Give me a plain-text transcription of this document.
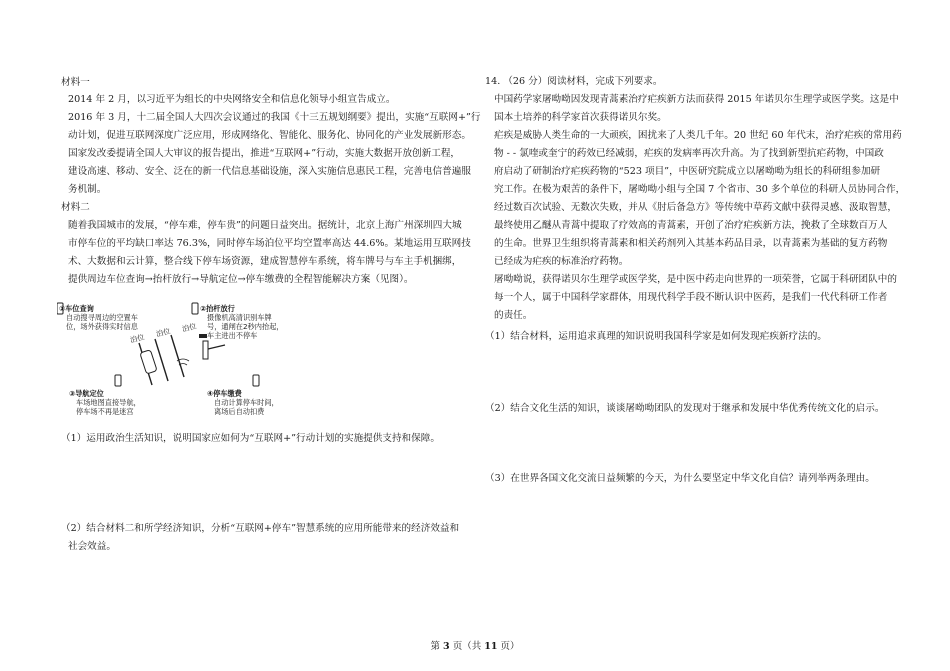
材料一
2014 年 2 月，以习近平为组长的中央网络安全和信息化领导小组宣告成立。
2016 年 3 月，十二届全国人大四次会议通过的我国《十三五规划纲要》提出，实施“互联网+”行
动计划，促进互联网深度广泛应用，形成网络化、智能化、服务化、协同化的产业发展新形态。
国家发改委提请全国人大审议的报告提出，推进“互联网+”行动，实施大数据开放创新工程，
建设高速、移动、安全、泛在的新一代信息基础设施，深入实施信息惠民工程，完善电信普遍服
务机制。
材料二
随着我国城市的发展，“停车难，停车贵”的问题日益突出。据统计，北京上海广州深圳四大城
市停车位的平均缺口率达 76.3%，同时停车场泊位平均空置率高达 44.6%。某地运用互联网技
术、大数据和云计算，整合线下停车场资源，建成智慧停车系统，将车牌号与车主手机捆绑，
提供周边车位查询→抬杆放行→导航定位→停车缴费的全程智能解决方案（见图）。
①车位查询
自动搜寻周边的空置车
位，场外获得实时信息
②抬杆放行
摄像机高清识别车牌
号，通闸在2秒内抬起，
车主进出不停车
泊位 泊位 泊位
③导航定位
车场地图直接导航，
停车场不再是迷宫
④停车缴费
自动计算停车时间，
离场后自动扣费
（1）运用政治生活知识，说明国家应如何为“互联网+”行动计划的实施提供支持和保障。
（2）结合材料二和所学经济知识，分析“互联网+停车”智慧系统的应用所能带来的经济效益和
社会效益。
14. （26 分）阅读材料，完成下列要求。
中国药学家屠呦呦因发现青蒿素治疗疟疾新方法而获得 2015 年诺贝尔生理学或医学奖。这是中
国本土培养的科学家首次获得诺贝尔奖。
疟疾是威胁人类生命的一大顽疾，困扰来了人类几千年。20 世纪 60 年代末，治疗疟疾的常用药
物 - - 氯喹或奎宁的药效已经减弱，疟疾的发病率再次升高。为了找到新型抗疟药物，中国政
府启动了研制治疗疟疾药物的“523 项目”，中医研究院成立以屠呦呦为组长的科研组参加研
究工作。在极为艰苦的条件下，屠呦呦小组与全国 7 个省市、30 多个单位的科研人员协同合作，
经过数百次试验、无数次失败，并从《肘后备急方》等传统中草药文献中获得灵感、汲取智慧，
最终使用乙醚从青蒿中提取了疗效高的青蒿素，开创了治疗疟疾新方法，挽救了全球数百万人
的生命。世界卫生组织将青蒿素和相关药剂列入其基本药品目录，以青蒿素为基础的复方药物
已经成为疟疾的标准治疗药物。
屠呦呦说，获得诺贝尔生理学或医学奖，是中医中药走向世界的一项荣誉，它属于科研团队中的
每一个人，属于中国科学家群体，用现代科学手段不断认识中医药，是我们一代代科研工作者
的责任。
（1）结合材料，运用追求真理的知识说明我国科学家是如何发现疟疾新疗法的。
（2）结合文化生活的知识，谈谈屠呦呦团队的发现对于继承和发展中华优秀传统文化的启示。
（3）在世界各国文化交流日益频繁的今天，为什么要坚定中华文化自信？请列举两条理由。
第 3 页（共 11 页）
